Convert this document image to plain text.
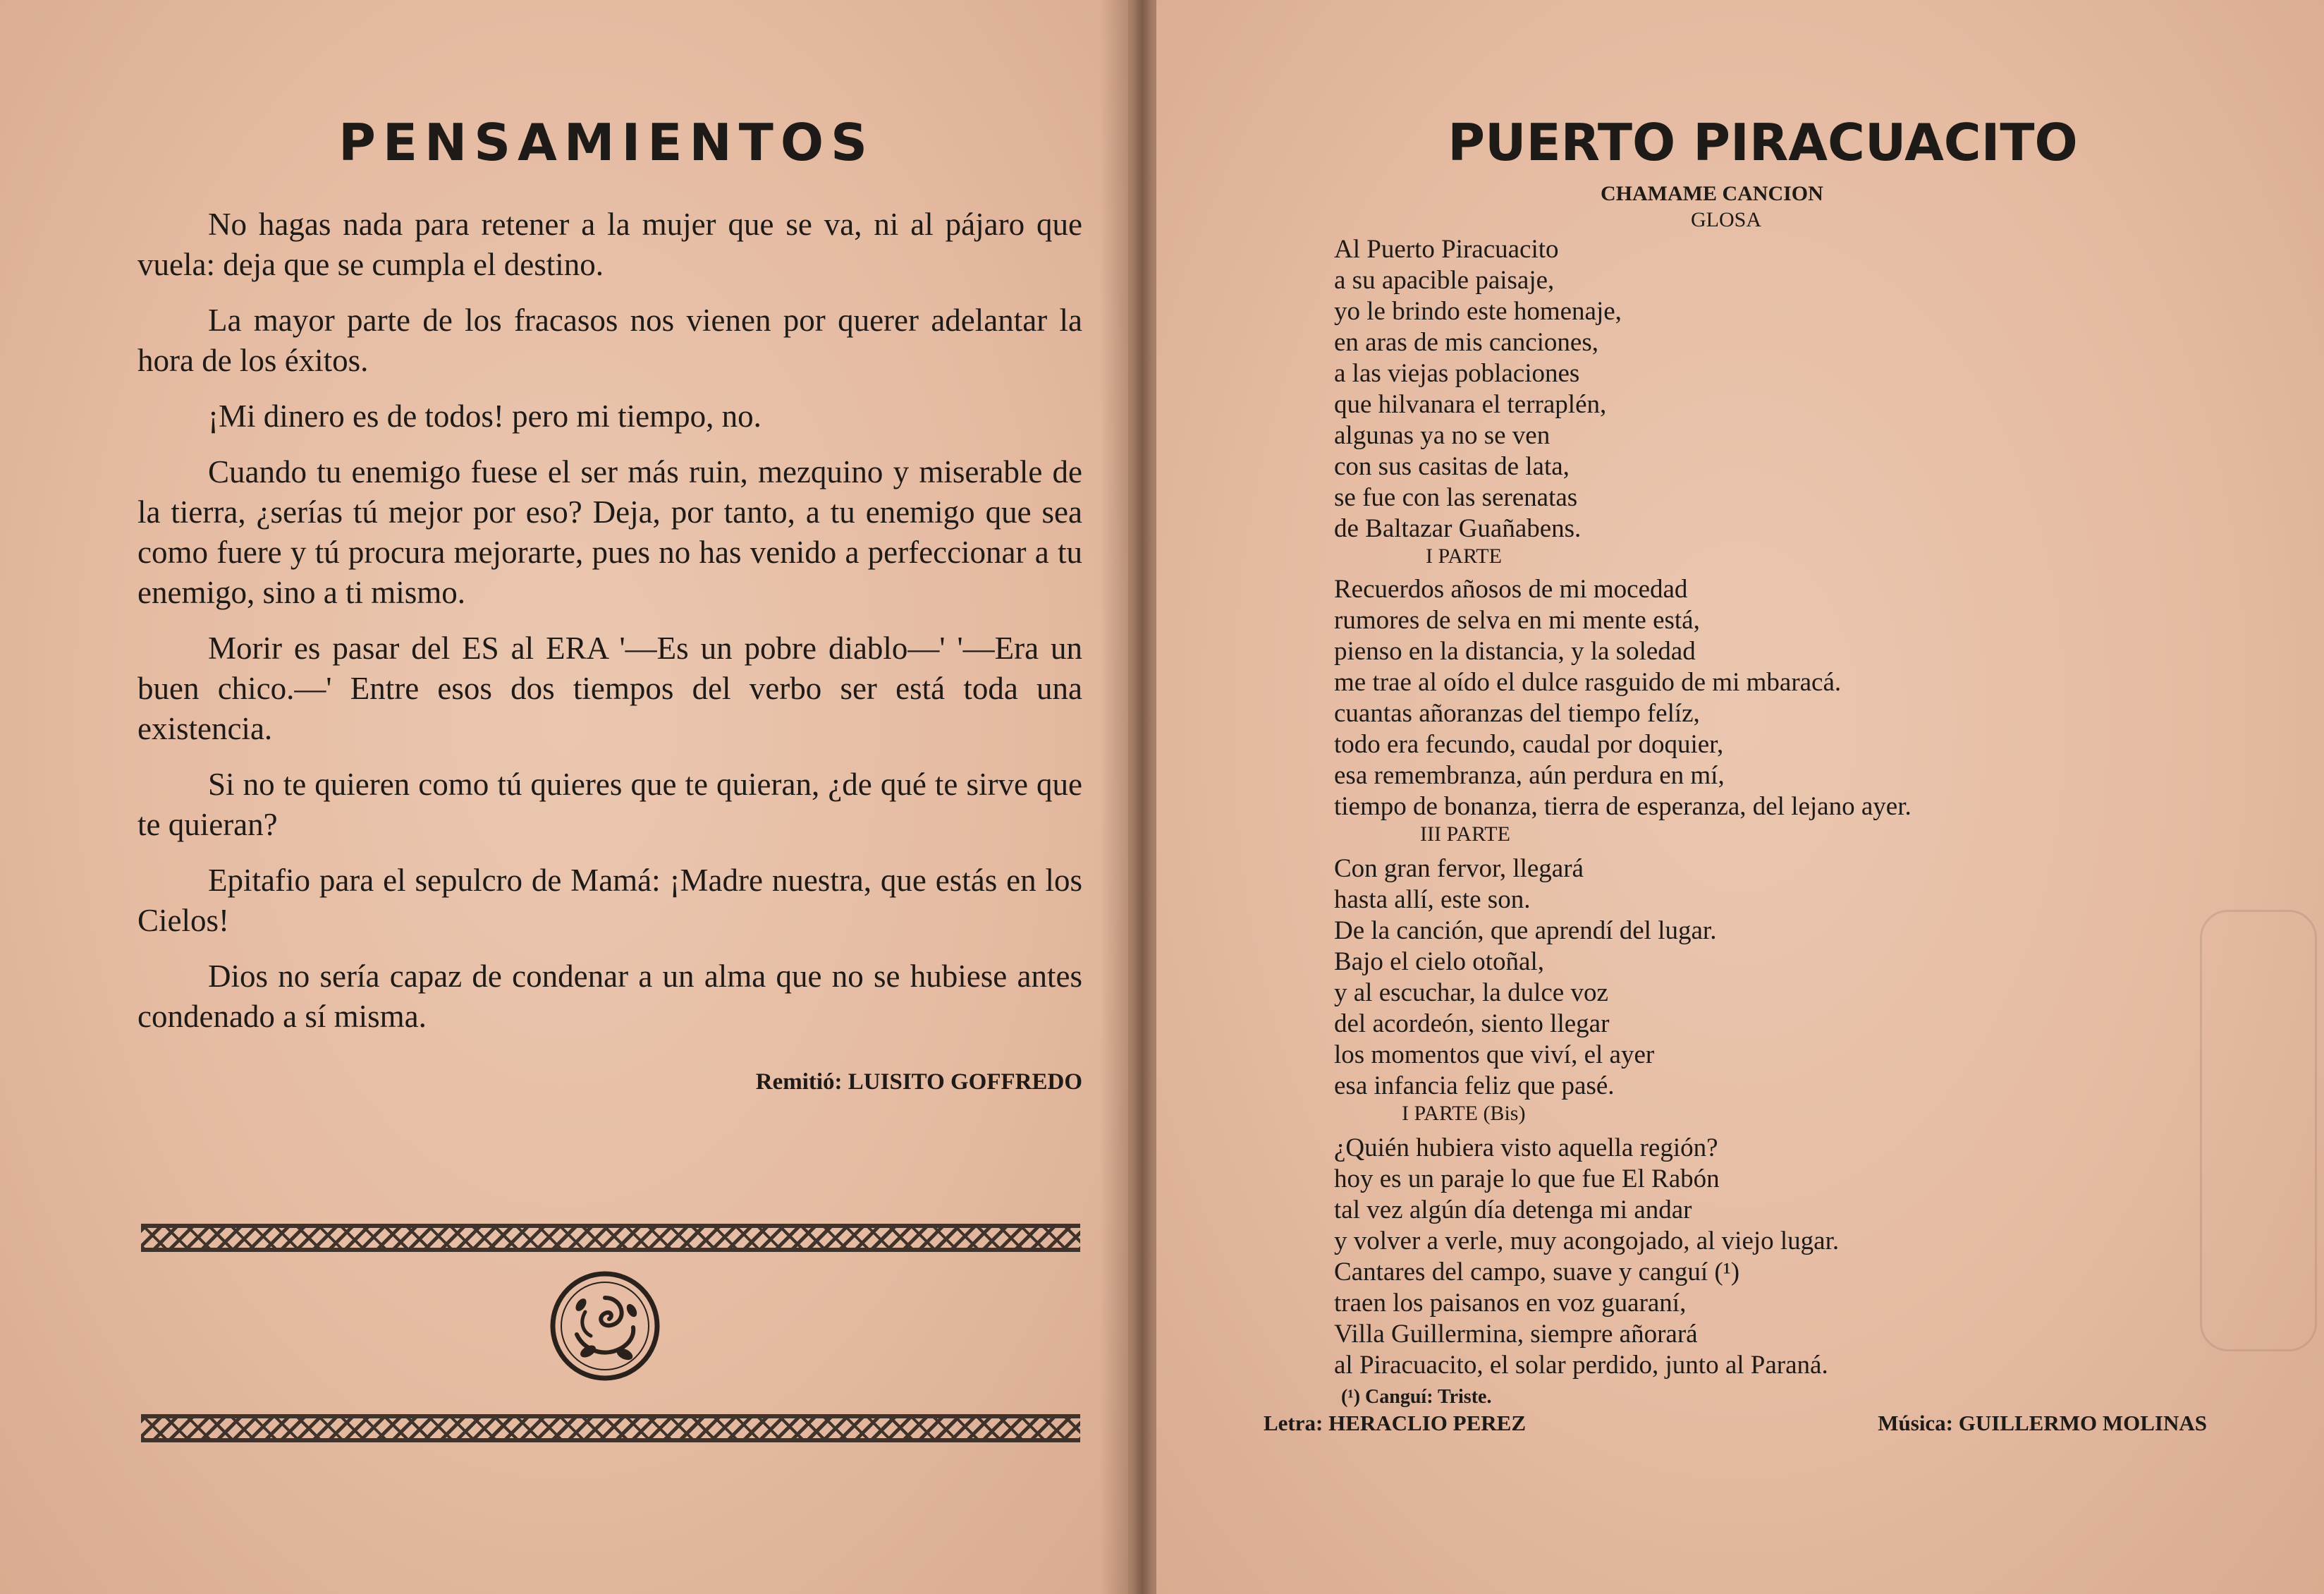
PENSAMIENTOS

No hagas nada para retener a la mujer que se va, ni al pájaro que vuela: deja que se cumpla el destino.

La mayor parte de los fracasos nos vienen por querer adelantar la hora de los éxitos.

¡Mi dinero es de todos! pero mi tiempo, no.

Cuando tu enemigo fuese el ser más ruin, mezquino y miserable de la tierra, ¿serías tú mejor por eso? Deja, por tanto, a tu enemigo que sea como fuere y tú procura mejorarte, pues no has venido a perfeccionar a tu enemigo, sino a ti mismo.

Morir es pasar del ES al ERA '—Es un pobre diablo—' '—Era un buen chico.—' Entre esos dos tiempos del verbo ser está toda una existencia.

Si no te quieren como tú quieres que te quieran, ¿de qué te sirve que te quieran?

Epitafio para el sepulcro de Mamá: ¡Madre nuestra, que estás en los Cielos!

Dios no sería capaz de condenar a un alma que no se hubiese antes condenado a sí misma.

Remitió: LUISITO GOFFREDO

PUERTO PIRACUACITO

CHAMAME CANCION

GLOSA

Al Puerto Piracuacito

a su apacible paisaje,

yo le brindo este homenaje,

en aras de mis canciones,

a las viejas poblaciones

que hilvanara el terraplén,

algunas ya no se ven

con sus casitas de lata,

se fue con las serenatas

de Baltazar Guañabens.

I PARTE

Recuerdos añosos de mi mocedad

rumores de selva en mi mente está,

pienso en la distancia, y la soledad

me trae al oído el dulce rasguido de mi mbaracá.

cuantas añoranzas del tiempo felíz,

todo era fecundo, caudal por doquier,

esa remembranza, aún perdura en mí,

tiempo de bonanza, tierra de esperanza, del lejano ayer.

III PARTE

Con gran fervor, llegará

hasta allí, este son.

De la canción, que aprendí del lugar.

Bajo el cielo otoñal,

y al escuchar, la dulce voz

del acordeón, siento llegar

los momentos que viví, el ayer

esa infancia feliz que pasé.

I PARTE (Bis)

¿Quién hubiera visto aquella región?

hoy es un paraje lo que fue El Rabón

tal vez algún día detenga mi andar

y volver a verle, muy acongojado, al viejo lugar.

Cantares del campo, suave y canguí (¹)

traen los paisanos en voz guaraní,

Villa Guillermina, siempre añorará

al Piracuacito, el solar perdido, junto al Paraná.

(¹) Canguí: Triste.

Letra: HERACLIO PEREZ	Música: GUILLERMO MOLINAS
